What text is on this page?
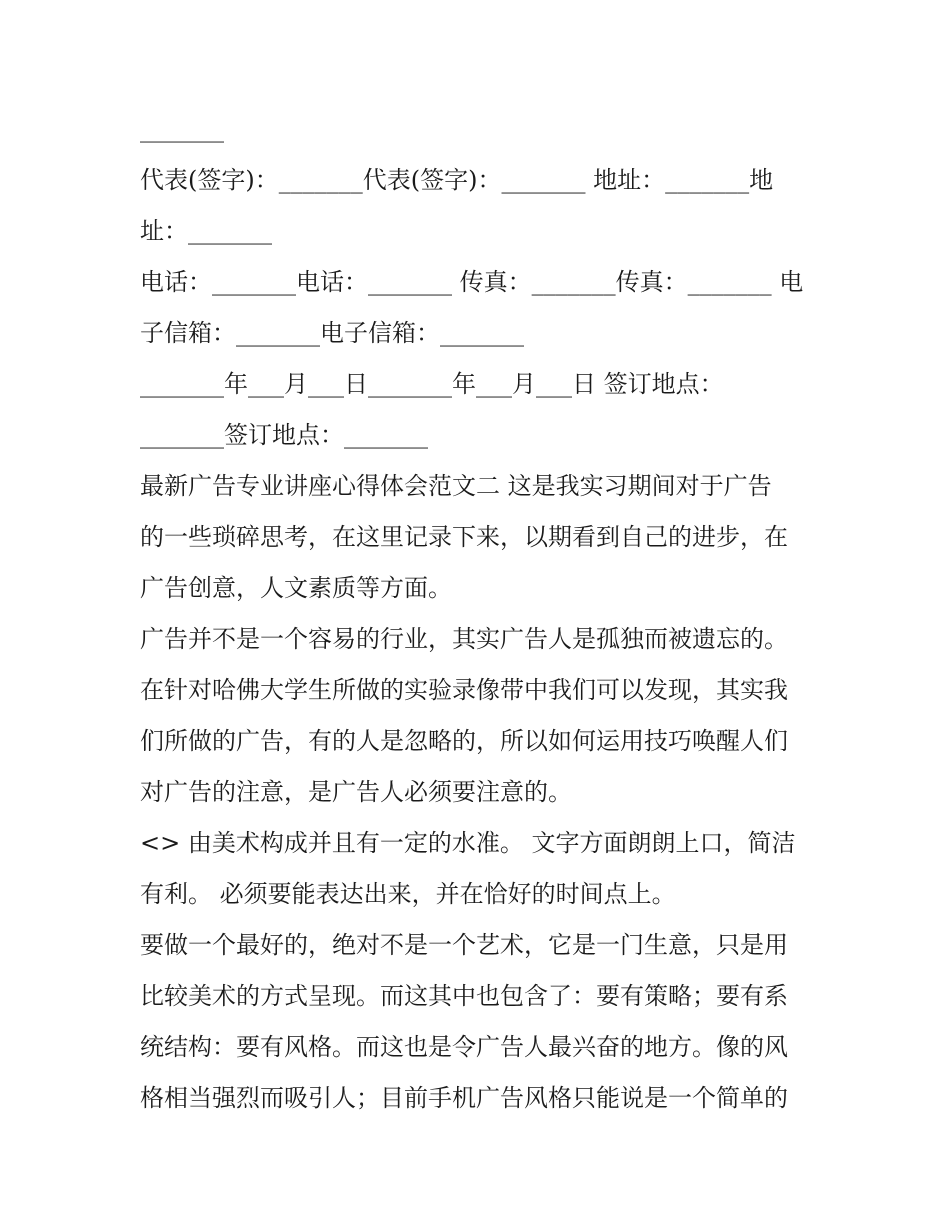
_______
代表(签字)：_______代表(签字)：_______ 地址：_______地
址：_______
电话：_______电话：_______ 传真：_______传真：_______ 电
子信箱：_______电子信箱：_______
_______年___月___日_______年___月___日 签订地点：
_______签订地点：_______
最新广告专业讲座心得体会范文二 这是我实习期间对于广告
的一些琐碎思考，在这里记录下来，以期看到自己的进步，在
广告创意，人文素质等方面。
广告并不是一个容易的行业，其实广告人是孤独而被遗忘的。
在针对哈佛大学生所做的实验录像带中我们可以发现，其实我
们所做的广告，有的人是忽略的，所以如何运用技巧唤醒人们
对广告的注意，是广告人必须要注意的。
<> 由美术构成并且有一定的水准。 文字方面朗朗上口，简洁
有利。 必须要能表达出来，并在恰好的时间点上。
要做一个最好的，绝对不是一个艺术，它是一门生意，只是用
比较美术的方式呈现。而这其中也包含了：要有策略；要有系
统结构：要有风格。而这也是令广告人最兴奋的地方。像的风
格相当强烈而吸引人；目前手机广告风格只能说是一个简单的
